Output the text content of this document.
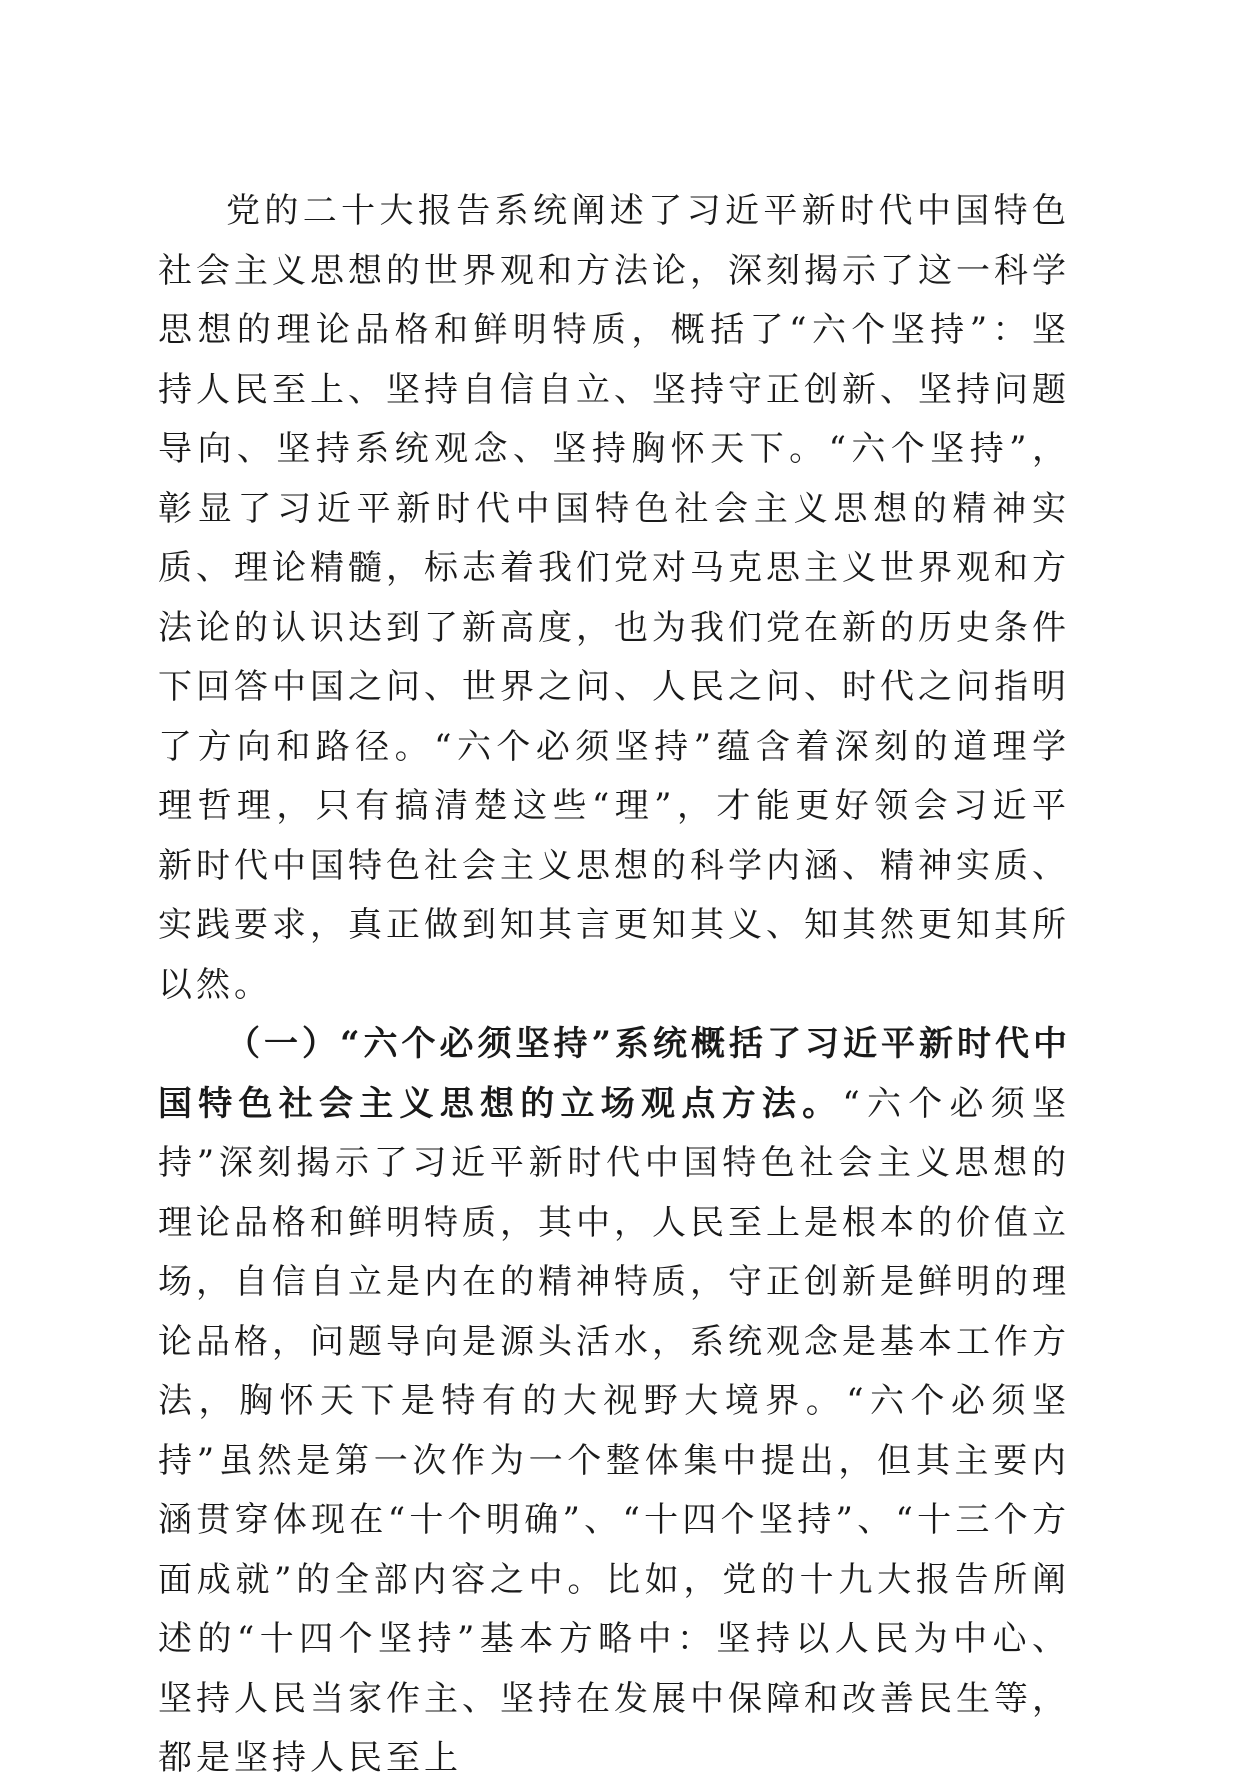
党的二十大报告系统阐述了习近平新时代中国特色社会主义思想的世界观和方法论，深刻揭示了这一科学思想的理论品格和鲜明特质，概括了“六个坚持”：坚持人民至上、坚持自信自立、坚持守正创新、坚持问题导向、坚持系统观念、坚持胸怀天下。“六个坚持”，彰显了习近平新时代中国特色社会主义思想的精神实质、理论精髓，标志着我们党对马克思主义世界观和方法论的认识达到了新高度，也为我们党在新的历史条件下回答中国之问、世界之问、人民之问、时代之问指明了方向和路径。“六个必须坚持”蕴含着深刻的道理学理哲理，只有搞清楚这些“理”，才能更好领会习近平新时代中国特色社会主义思想的科学内涵、精神实质、实践要求，真正做到知其言更知其义、知其然更知其所以然。

（一）“六个必须坚持”系统概括了习近平新时代中国特色社会主义思想的立场观点方法。“六个必须坚持”深刻揭示了习近平新时代中国特色社会主义思想的理论品格和鲜明特质，其中，人民至上是根本的价值立场，自信自立是内在的精神特质，守正创新是鲜明的理论品格，问题导向是源头活水，系统观念是基本工作方法，胸怀天下是特有的大视野大境界。“六个必须坚持”虽然是第一次作为一个整体集中提出，但其主要内涵贯穿体现在“十个明确”、“十四个坚持”、“十三个方面成就”的全部内容之中。比如，党的十九大报告所阐述的“十四个坚持”基本方略中：坚持以人民为中心、坚持人民当家作主、坚持在发展中保障和改善民生等，都是坚持人民至上
